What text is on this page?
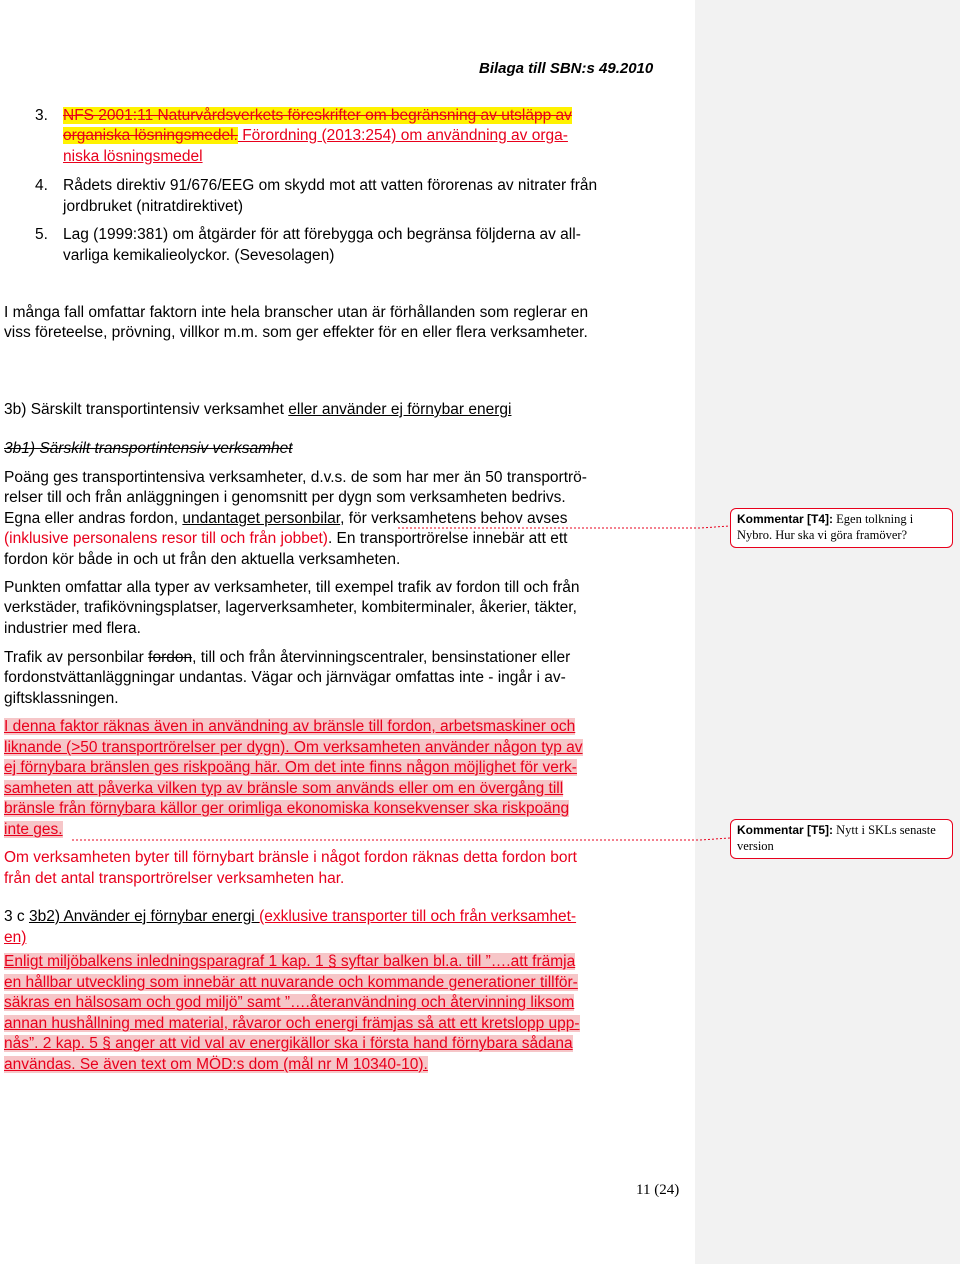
Bilaga till SBN:s 49.2010
3. NFS 2001:11 Naturvårdsverkets föreskrifter om begränsning av utsläpp av
organiska lösningsmedel. Förordning (2013:254) om användning av orga-
niska lösningsmedel
4. Rådets direktiv 91/676/EEG om skydd mot att vatten förorenas av nitrater från
jordbruket (nitratdirektivet)
5. Lag (1999:381) om åtgärder för att förebygga och begränsa följderna av all-
varliga kemikalieolyckor. (Sevesolagen)
I många fall omfattar faktorn inte hela branscher utan är förhållanden som reglerar en
viss företeelse, prövning, villkor m.m. som ger effekter för en eller flera verksamheter.
3b) Särskilt transportintensiv verksamhet eller använder ej förnybar energi
3b1) Särskilt transportintensiv verksamhet
Poäng ges transportintensiva verksamheter, d.v.s. de som har mer än 50 transportrö-
relser till och från anläggningen i genomsnitt per dygn som verksamheten bedrivs.
Egna eller andras fordon, undantaget personbilar, för verksamhetens behov avses
(inklusive personalens resor till och från jobbet). En transportrörelse innebär att ett
fordon kör både in och ut från den aktuella verksamheten.
Punkten omfattar alla typer av verksamheter, till exempel trafik av fordon till och från
verkstäder, trafikövningsplatser, lagerverksamheter, kombiterminaler, åkerier, täkter,
industrier med flera.
Trafik av personbilar fordon, till och från återvinningscentraler, bensinstationer eller
fordonstvättanläggningar undantas. Vägar och järnvägar omfattas inte - ingår i av-
giftsklassningen.
I denna faktor räknas även in användning av bränsle till fordon, arbetsmaskiner och
liknande (>50 transportrörelser per dygn). Om verksamheten använder någon typ av
ej förnybara bränslen ges riskpoäng här. Om det inte finns någon möjlighet för verk-
samheten att påverka vilken typ av bränsle som används eller om en övergång till
bränsle från förnybara källor ger orimliga ekonomiska konsekvenser ska riskpoäng
inte ges.
Om verksamheten byter till förnybart bränsle i något fordon räknas detta fordon bort
från det antal transportrörelser verksamheten har.
3 c 3b2) Använder ej förnybar energi (exklusive transporter till och från verksamhet-
en)
Enligt miljöbalkens inledningsparagraf 1 kap. 1 § syftar balken bl.a. till ”….att främja
en hållbar utveckling som innebär att nuvarande och kommande generationer tillför-
säkras en hälsosam och god miljö” samt ”….återanvändning och återvinning liksom
annan hushållning med material, råvaror och energi främjas så att ett kretslopp upp-
nås”. 2 kap. 5 § anger att vid val av energikällor ska i första hand förnybara sådana
användas. Se även text om MÖD:s dom (mål nr M 10340-10).
11 (24)
Kommentar [T4]: Egen tolkning i Nybro. Hur ska vi göra framöver?
Kommentar [T5]: Nytt i SKLs senaste version
